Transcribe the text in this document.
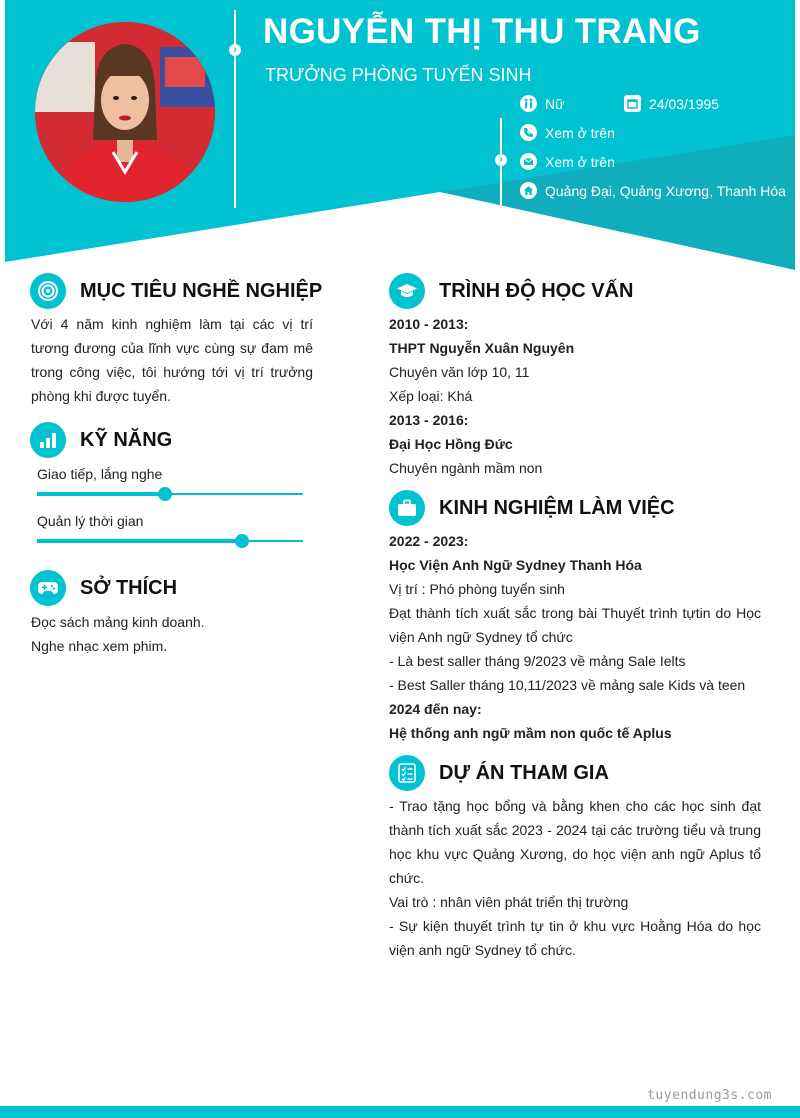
› NGUYỄN THỊ THU TRANG
TRƯỞNG PHÒNG TUYỂN SINH
›
Nữ	24/03/1995
Xem ở trên
Xem ở trên
Quảng Đại, Quảng Xương, Thanh Hóa
MỤC TIÊU NGHỀ NGHIỆP
Với 4 năm kinh nghiệm làm tại các vị trí tương đương của lĩnh vực cùng sự đam mê trong công việc, tôi hướng tới vị trí trưởng phòng khi được tuyển.
KỸ NĂNG
Giao tiếp, lắng nghe
Quản lý thời gian
SỞ THÍCH
Đọc sách mảng kinh doanh.
Nghe nhạc xem phim.
TRÌNH ĐỘ HỌC VẤN
2010 - 2013:
THPT Nguyễn Xuân Nguyên
Chuyên văn lớp 10, 11
Xếp loại: Khá
2013 - 2016:
Đại Học Hồng Đức
Chuyên ngành mầm non
KINH NGHIỆM LÀM VIỆC
2022 - 2023:
Học Viện Anh Ngữ Sydney Thanh Hóa
Vị trí : Phó phòng tuyển sinh
Đạt thành tích xuất sắc trong bài Thuyết trình tựtin do Học viện Anh ngữ Sydney tổ chức
- Là best saller tháng 9/2023 về mảng Sale Ielts
- Best Saller tháng 10,11/2023 về mảng sale Kids và teen
2024 đến nay:
Hệ thống anh ngữ mầm non quốc tế Aplus
DỰ ÁN THAM GIA
- Trao tặng học bổng và bằng khen cho các học sinh đạt thành tích xuất sắc 2023 - 2024 tại các trường tiểu và trung học khu vực Quảng Xương, do học viện anh ngữ Aplus tổ chức.
Vai trò : nhân viên phát triển thị trường
- Sự kiện thuyết trình tự tin ở khu vực Hoằng Hóa do học viện anh ngữ Sydney tổ chức.
tuyendung3s.com
